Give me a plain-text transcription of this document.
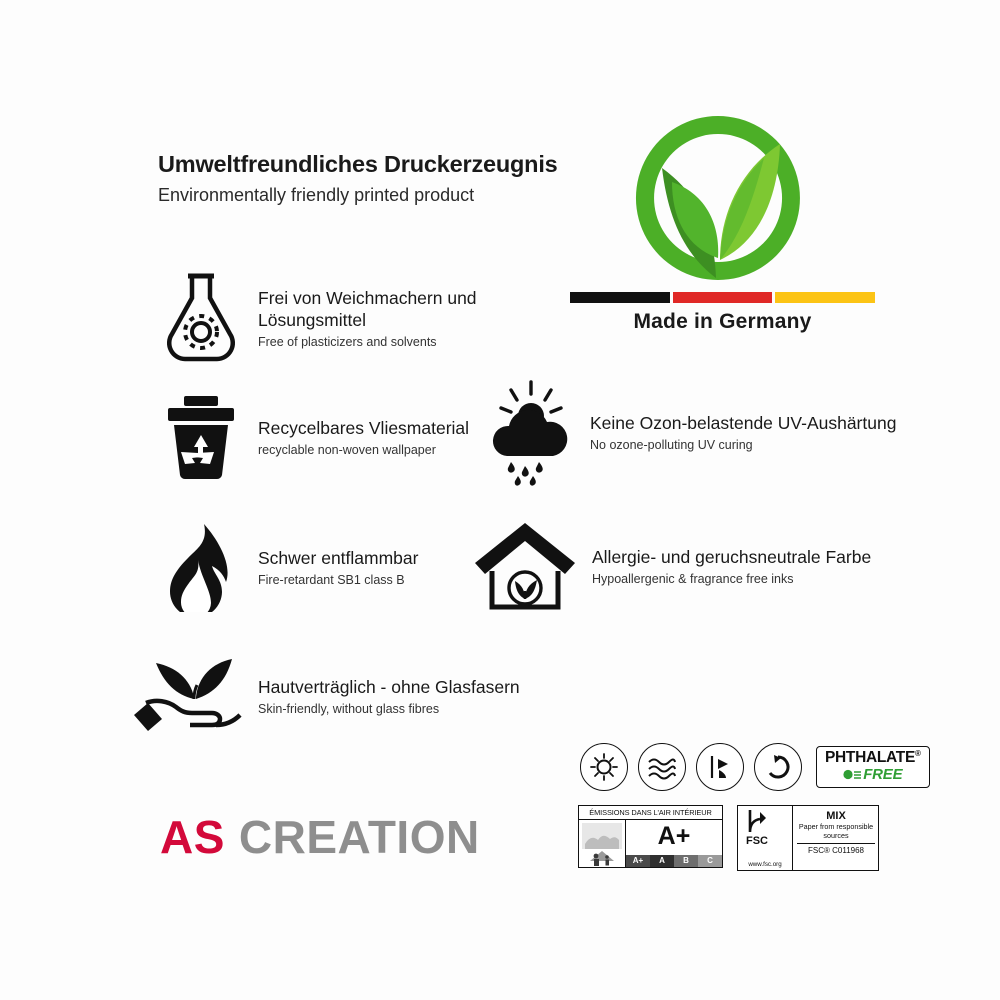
Umweltfreundliches Druckerzeugnis
Environmentally friendly printed product
Made in Germany
Frei von Weichmachern und Lösungsmittel
Free of plasticizers and solvents
Recycelbares Vliesmaterial
recyclable non-woven wallpaper
Keine Ozon-belastende UV-Aushärtung
No ozone-polluting UV curing
Schwer entflammbar
Fire-retardant SB1 class B
Allergie- und geruchsneutrale Farbe
Hypoallergenic & fragrance free inks
Hautverträglich - ohne Glasfasern
Skin-friendly, without glass fibres
PHTHALATE®
FREE
ÉMISSIONS DANS L'AIR INTÉRIEUR
A+
A+	A	B	C
FSC
www.fsc.org
MIX
Paper from responsible sources
FSC® C011968
AS CREATION
